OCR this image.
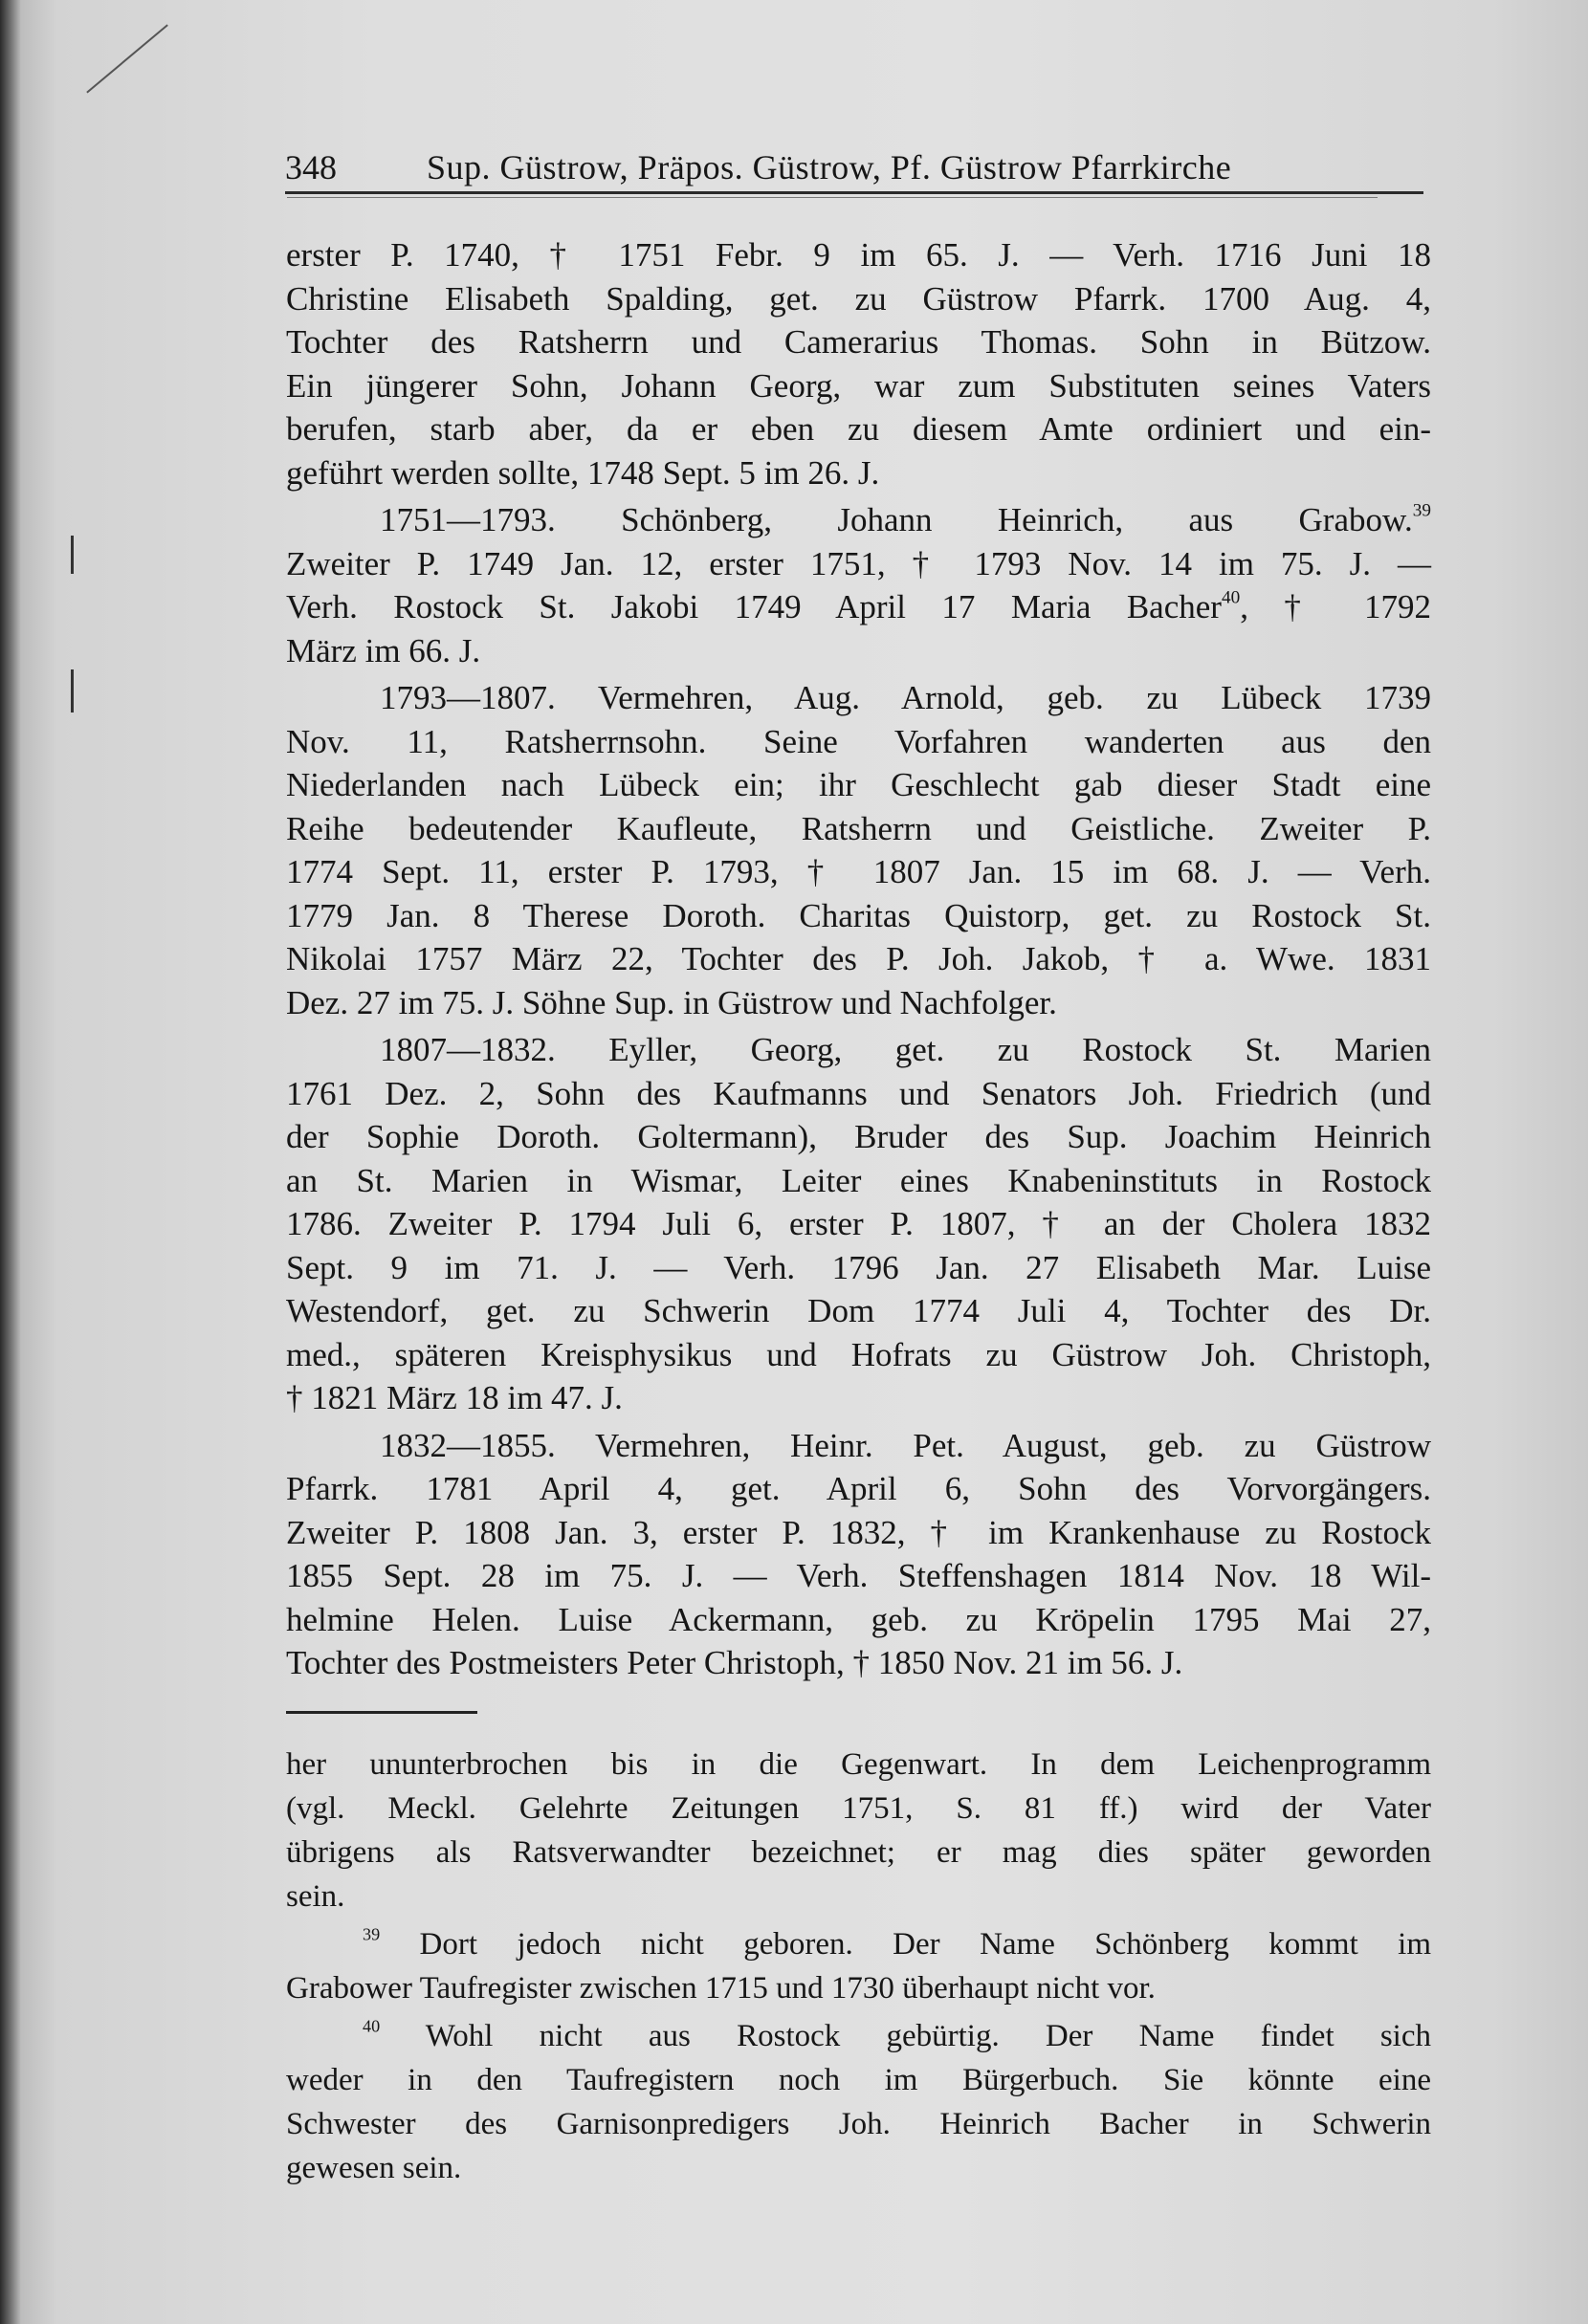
348	Sup. Güstrow, Präpos. Güstrow, Pf. Güstrow Pfarrkirche
erster P. 1740, † 1751 Febr. 9 im 65. J. — Verh. 1716 Juni 18
Christine Elisabeth Spalding, get. zu Güstrow Pfarrk. 1700 Aug. 4,
Tochter des Ratsherrn und Camerarius Thomas. Sohn in Bützow.
Ein jüngerer Sohn, Johann Georg, war zum Substituten seines Vaters
berufen, starb aber, da er eben zu diesem Amte ordiniert und ein-
geführt werden sollte, 1748 Sept. 5 im 26. J.
1751—1793. Schönberg, Johann Heinrich, aus Grabow.$^{39}$
Zweiter P. 1749 Jan. 12, erster 1751, † 1793 Nov. 14 im 75. J. —
Verh. Rostock St. Jakobi 1749 April 17 Maria Bacher$^{40}$, † 1792
März im 66. J.
1793—1807. Vermehren, Aug. Arnold, geb. zu Lübeck 1739
Nov. 11, Ratsherrnsohn. Seine Vorfahren wanderten aus den
Niederlanden nach Lübeck ein; ihr Geschlecht gab dieser Stadt eine
Reihe bedeutender Kaufleute, Ratsherrn und Geistliche. Zweiter P.
1774 Sept. 11, erster P. 1793, † 1807 Jan. 15 im 68. J. — Verh.
1779 Jan. 8 Therese Doroth. Charitas Quistorp, get. zu Rostock St.
Nikolai 1757 März 22, Tochter des P. Joh. Jakob, † a. Wwe. 1831
Dez. 27 im 75. J. Söhne Sup. in Güstrow und Nachfolger.
1807—1832. Eyller, Georg, get. zu Rostock St. Marien
1761 Dez. 2, Sohn des Kaufmanns und Senators Joh. Friedrich (und
der Sophie Doroth. Goltermann), Bruder des Sup. Joachim Heinrich
an St. Marien in Wismar, Leiter eines Knabeninstituts in Rostock
1786. Zweiter P. 1794 Juli 6, erster P. 1807, † an der Cholera 1832
Sept. 9 im 71. J. — Verh. 1796 Jan. 27 Elisabeth Mar. Luise
Westendorf, get. zu Schwerin Dom 1774 Juli 4, Tochter des Dr.
med., späteren Kreisphysikus und Hofrats zu Güstrow Joh. Christoph,
† 1821 März 18 im 47. J.
1832—1855. Vermehren, Heinr. Pet. August, geb. zu Güstrow
Pfarrk. 1781 April 4, get. April 6, Sohn des Vorvorgängers.
Zweiter P. 1808 Jan. 3, erster P. 1832, † im Krankenhause zu Rostock
1855 Sept. 28 im 75. J. — Verh. Steffenshagen 1814 Nov. 18 Wil-
helmine Helen. Luise Ackermann, geb. zu Kröpelin 1795 Mai 27,
Tochter des Postmeisters Peter Christoph, † 1850 Nov. 21 im 56. J.
her ununterbrochen bis in die Gegenwart. In dem Leichenprogramm
(vgl. Meckl. Gelehrte Zeitungen 1751, S. 81 ff.) wird der Vater
übrigens als Ratsverwandter bezeichnet; er mag dies später geworden
sein.
$^{39}$ Dort jedoch nicht geboren. Der Name Schönberg kommt im
Grabower Taufregister zwischen 1715 und 1730 überhaupt nicht vor.
$^{40}$ Wohl nicht aus Rostock gebürtig. Der Name findet sich
weder in den Taufregistern noch im Bürgerbuch. Sie könnte eine
Schwester des Garnisonpredigers Joh. Heinrich Bacher in Schwerin
gewesen sein.
